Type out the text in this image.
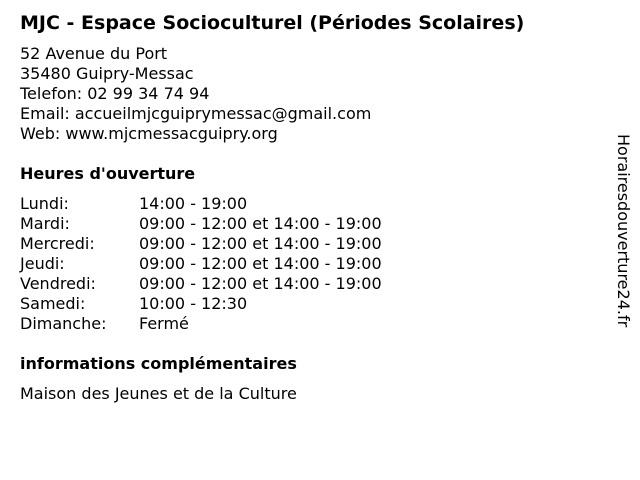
MJC - Espace Socioculturel (Périodes Scolaires)
52 Avenue du Port
35480 Guipry-Messac
Telefon: 02 99 34 74 94
Email: accueilmjcguiprymessac@gmail.com
Web: www.mjcmessacguipry.org
Heures d'ouverture
Lundi:	14:00 - 19:00
Mardi:	09:00 - 12:00 et 14:00 - 19:00
Mercredi:	09:00 - 12:00 et 14:00 - 19:00
Jeudi:	09:00 - 12:00 et 14:00 - 19:00
Vendredi:	09:00 - 12:00 et 14:00 - 19:00
Samedi:	10:00 - 12:30
Dimanche:	Fermé
informations complémentaires
Maison des Jeunes et de la Culture
Horairesdouverture24.fr
